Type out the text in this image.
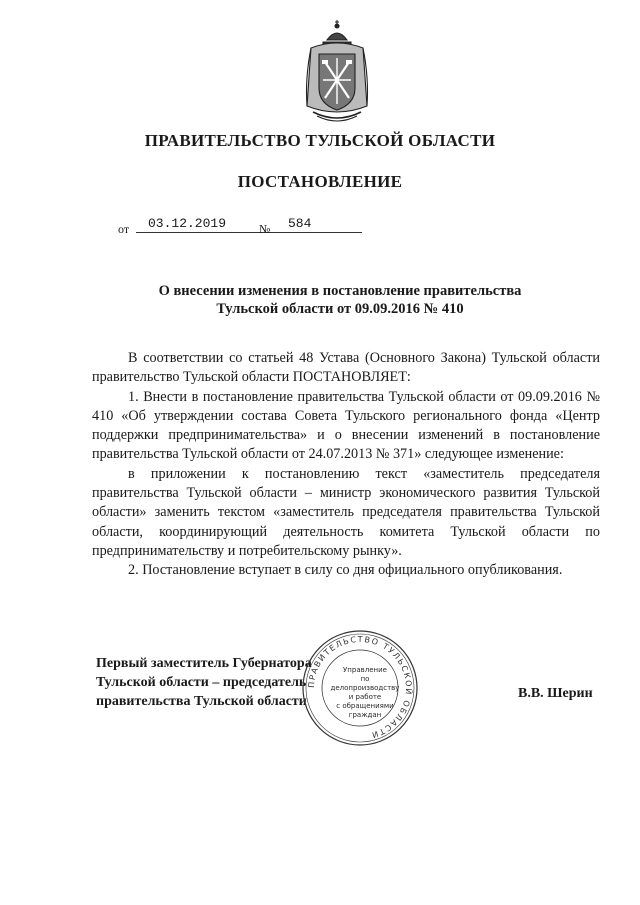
ПРАВИТЕЛЬСТВО ТУЛЬСКОЙ ОБЛАСТИ
ПОСТАНОВЛЕНИЕ
от	03.12.2019	№	584
О внесении изменения в постановление правительства
Тульской области от 09.09.2016 № 410

В соответствии со статьей 48 Устава (Основного Закона) Тульской области правительство Тульской области ПОСТАНОВЛЯЕТ:

1. Внести в постановление правительства Тульской области от 09.09.2016 № 410 «Об утверждении состава Совета Тульского регионального фонда «Центр поддержки предпринимательства» и о внесении изменений в постановление правительства Тульской области от 24.07.2013 № 371» следующее изменение:

в приложении к постановлению текст «заместитель председателя правительства Тульской области – министр экономического развития Тульской области» заменить текстом «заместитель председателя правительства Тульской области, координирующий деятельность комитета Тульской области по предпринимательству и потребительскому рынку».

2. Постановление вступает в силу со дня официального опубликования.

Первый заместитель Губернатора
Тульской области – председатель
правительства Тульской области
В.В. Шерин
ПРАВИТЕЛЬСТВО ТУЛЬСКОЙ ОБЛАСТИ
Управление
по делопроизводству
и работе
с обращениями
граждан
